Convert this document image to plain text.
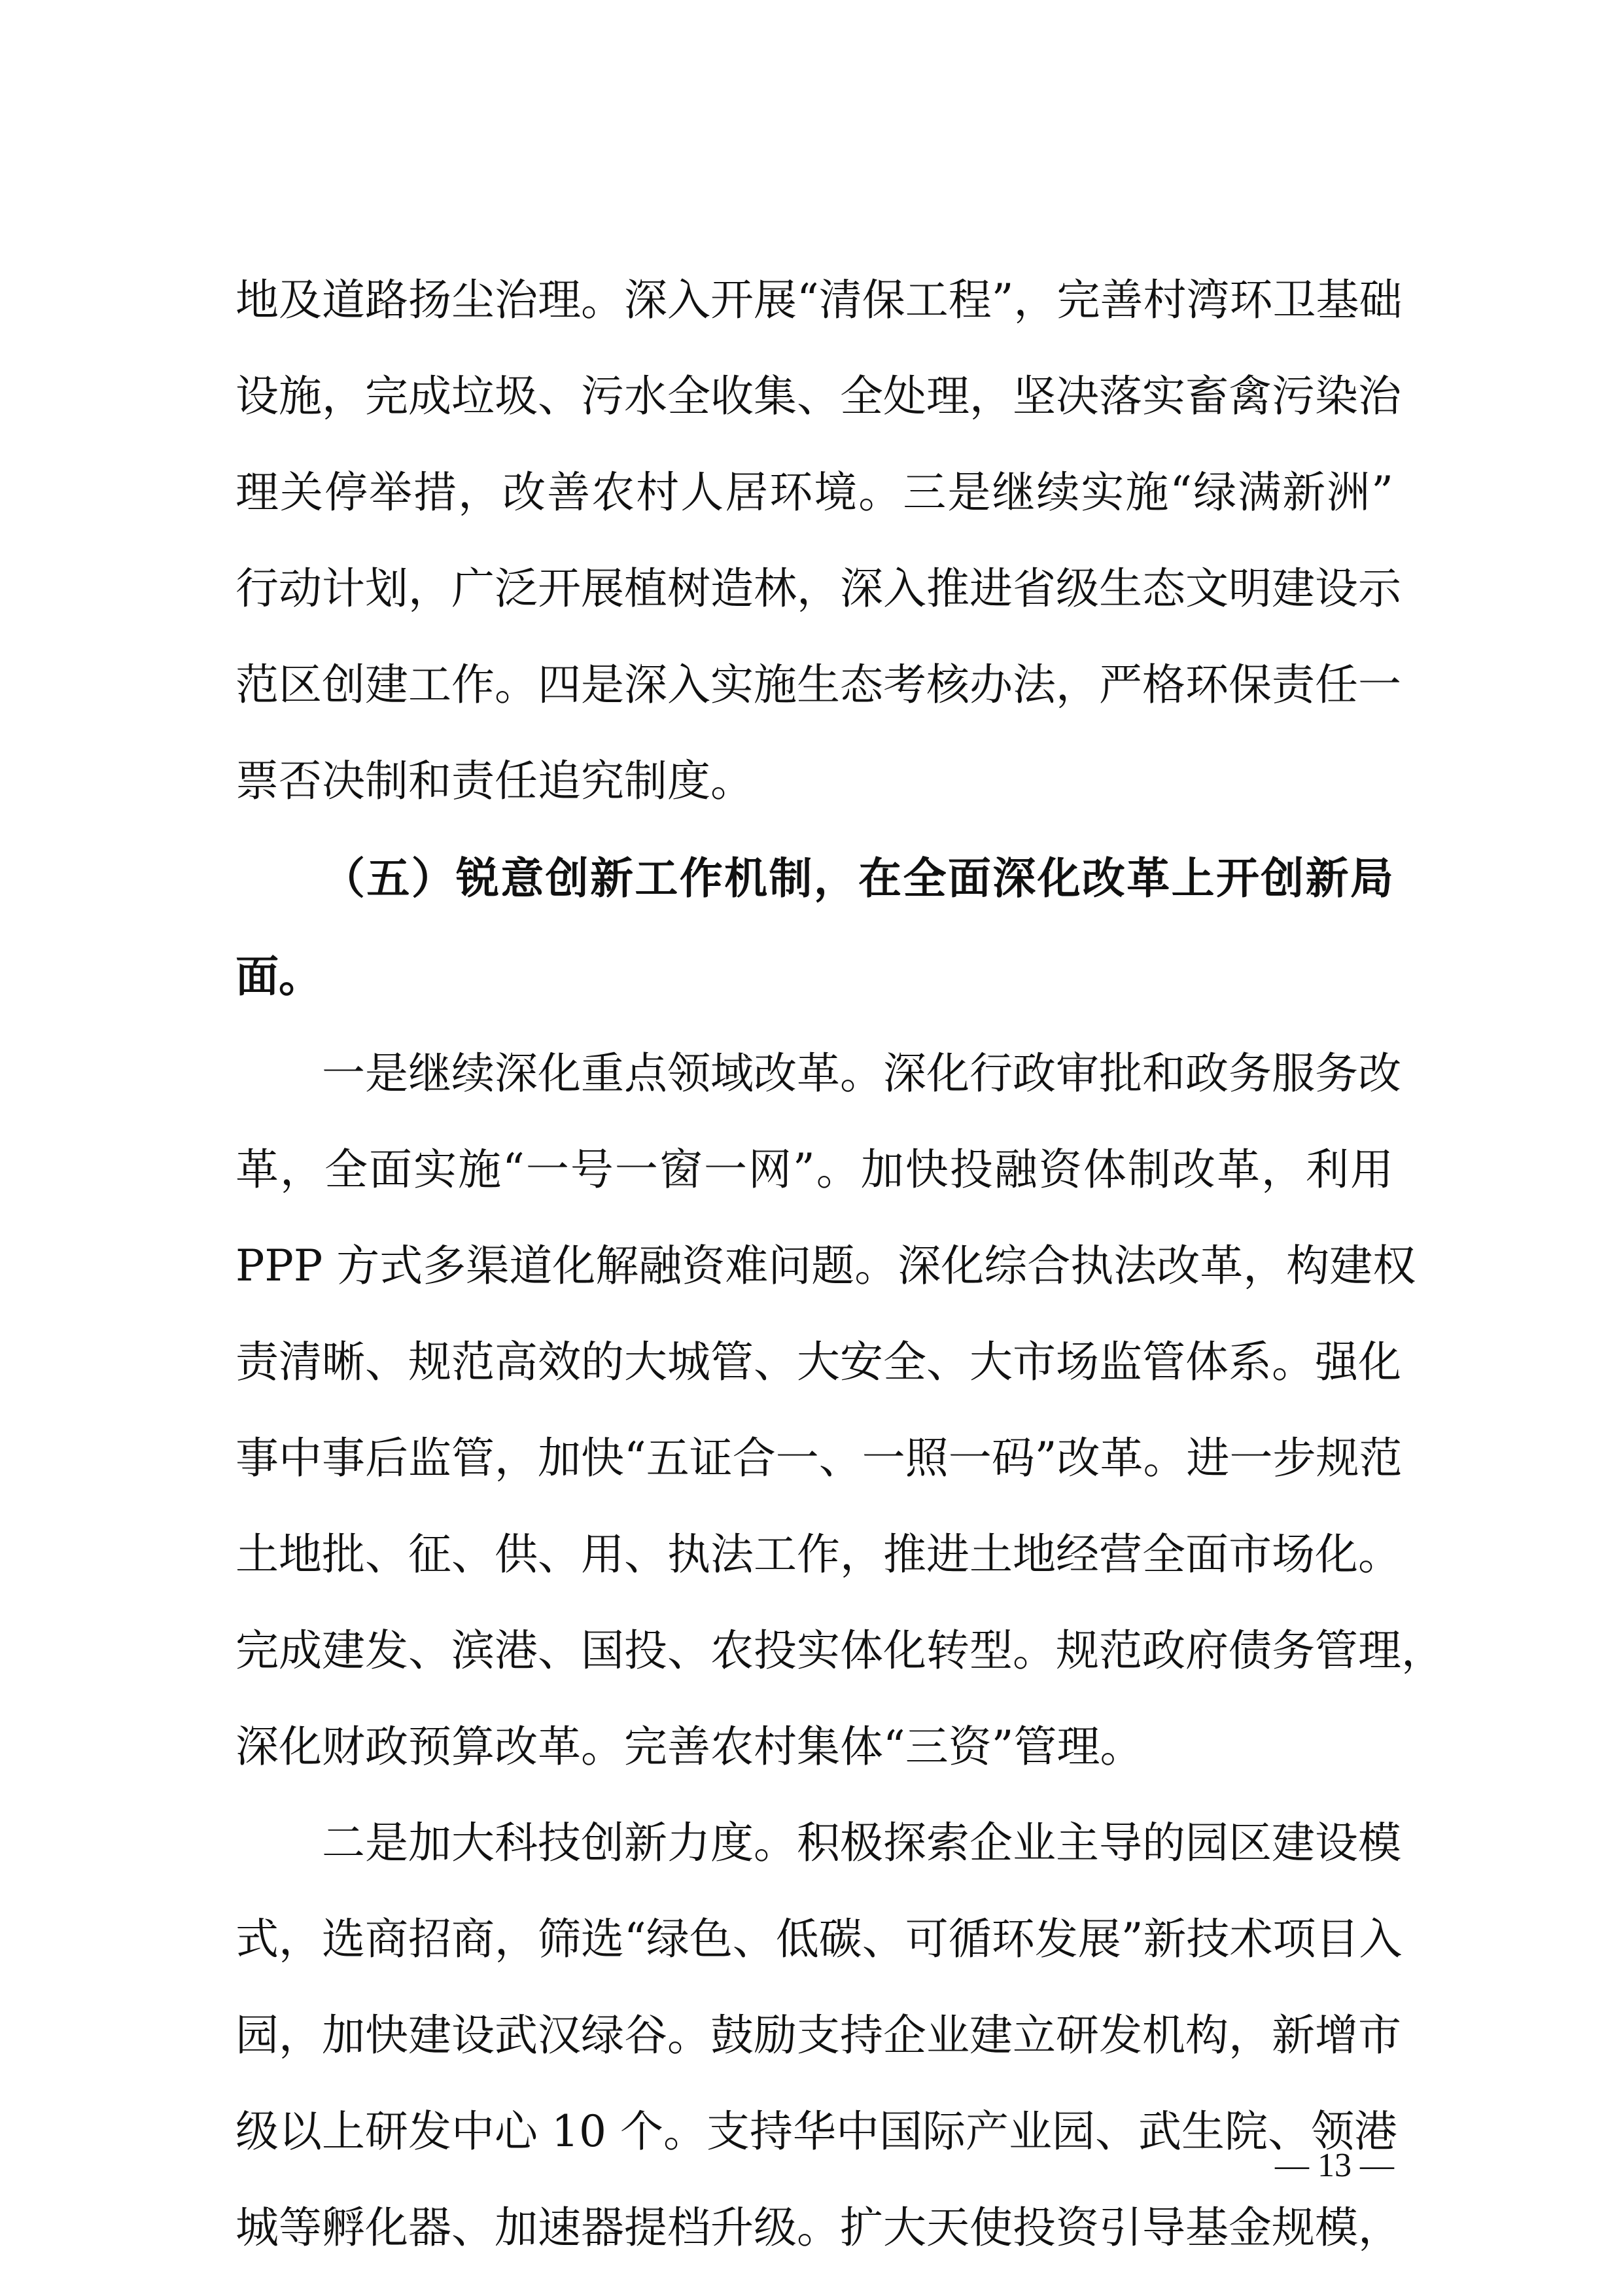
地及道路扬尘治理。深入开展“清保工程”，完善村湾环卫基础
设施，完成垃圾、污水全收集、全处理，坚决落实畜禽污染治
理关停举措，改善农村人居环境。三是继续实施“绿满新洲”
行动计划，广泛开展植树造林，深入推进省级生态文明建设示
范区创建工作。四是深入实施生态考核办法，严格环保责任一
票否决制和责任追究制度。
（五）锐意创新工作机制，在全面深化改革上开创新局
面。
一是继续深化重点领域改革。深化行政审批和政务服务改
革，全面实施“一号一窗一网”。加快投融资体制改革，利用
PPP 方式多渠道化解融资难问题。深化综合执法改革，构建权
责清晰、规范高效的大城管、大安全、大市场监管体系。强化
事中事后监管，加快“五证合一、一照一码”改革。进一步规范
土地批、征、供、用、执法工作，推进土地经营全面市场化。
完成建发、滨港、国投、农投实体化转型。规范政府债务管理，
深化财政预算改革。完善农村集体“三资”管理。
二是加大科技创新力度。积极探索企业主导的园区建设模
式，选商招商，筛选“绿色、低碳、可循环发展”新技术项目入
园，加快建设武汉绿谷。鼓励支持企业建立研发机构，新增市
级以上研发中心 10 个。支持华中国际产业园、武生院、领港
城等孵化器、加速器提档升级。扩大天使投资引导基金规模，
— 13 —
